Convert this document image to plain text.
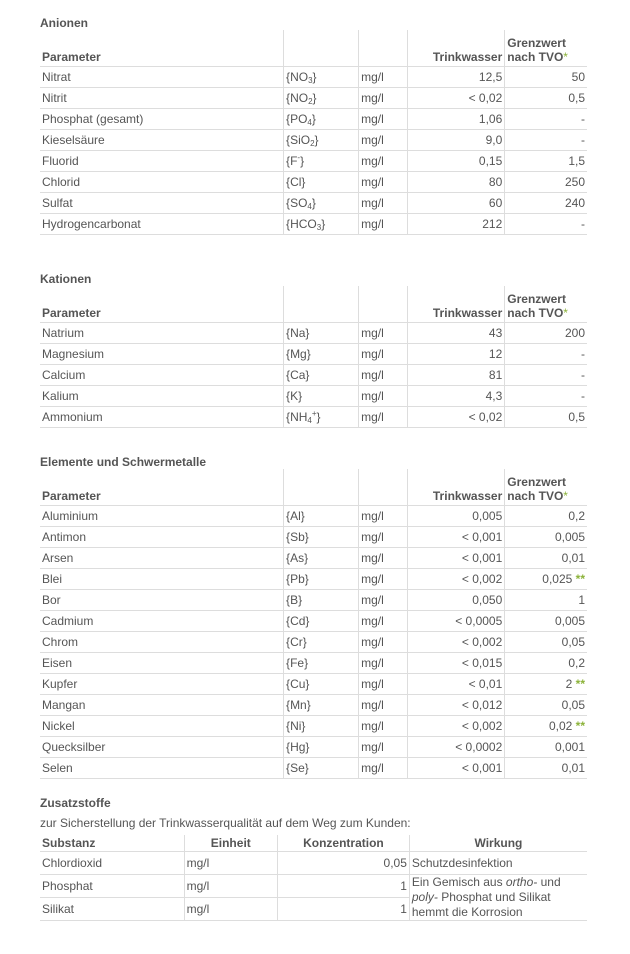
Anionen
Parameter			Trinkwasser	Grenzwert
nach TVO*
Nitrat	$\{NO_3\}$	mg/l	12,5	50
Nitrit	$\{NO_2\}$	mg/l	< 0,02	0,5
Phosphat (gesamt)	$\{PO_4\}$	mg/l	1,06	-
Kieselsäure	{SiO$_2$}	mg/l	9,0	-
Fluorid	{F-}	mg/l	0,15	1,5
Chlorid	{Cl}	mg/l	80	250
Sulfat	$\{SO_4\}$	mg/l	60	240
Hydrogencarbonat	$\{HCO_3\}$	mg/l	212	-
Kationen
Parameter			Trinkwasser	Grenzwert
nach TVO*
Natrium	{Na}	mg/l	43	200
Magnesium	{Mg}	mg/l	12	-
Calcium	{Ca}	mg/l	81	-
Kalium	{K}	mg/l	4,3	-
Ammonium	$\{NH_4^+\}$	mg/l	< 0,02	0,5
Elemente und Schwermetalle
Parameter			Trinkwasser	Grenzwert
nach TVO*
Aluminium	{Al}	mg/l	0,005	0,2
Antimon	{Sb}	mg/l	< 0,001	0,005
Arsen	{As}	mg/l	< 0,001	0,01
Blei	{Pb}	mg/l	< 0,002	0,025 **
Bor	{B}	mg/l	0,050	1
Cadmium	{Cd}	mg/l	< 0,0005	0,005
Chrom	{Cr}	mg/l	< 0,002	0,05
Eisen	{Fe}	mg/l	< 0,015	0,2
Kupfer	{Cu}	mg/l	< 0,01	2 **
Mangan	{Mn}	mg/l	< 0,012	0,05
Nickel	{Ni}	mg/l	< 0,002	0,02 **
Quecksilber	{Hg}	mg/l	< 0,0002	0,001
Selen	{Se}	mg/l	< 0,001	0,01
Zusatzstoffe

zur Sicherstellung der Trinkwasserqualität auf dem Weg zum Kunden:

Substanz	Einheit	Konzentration	Wirkung
Chlordioxid	mg/l	0,05	Schutzdesinfektion
Phosphat	mg/l	1	Ein Gemisch aus ortho- und poly- Phosphat und Silikat hemmt die Korrosion
Silikat	mg/l	1	
